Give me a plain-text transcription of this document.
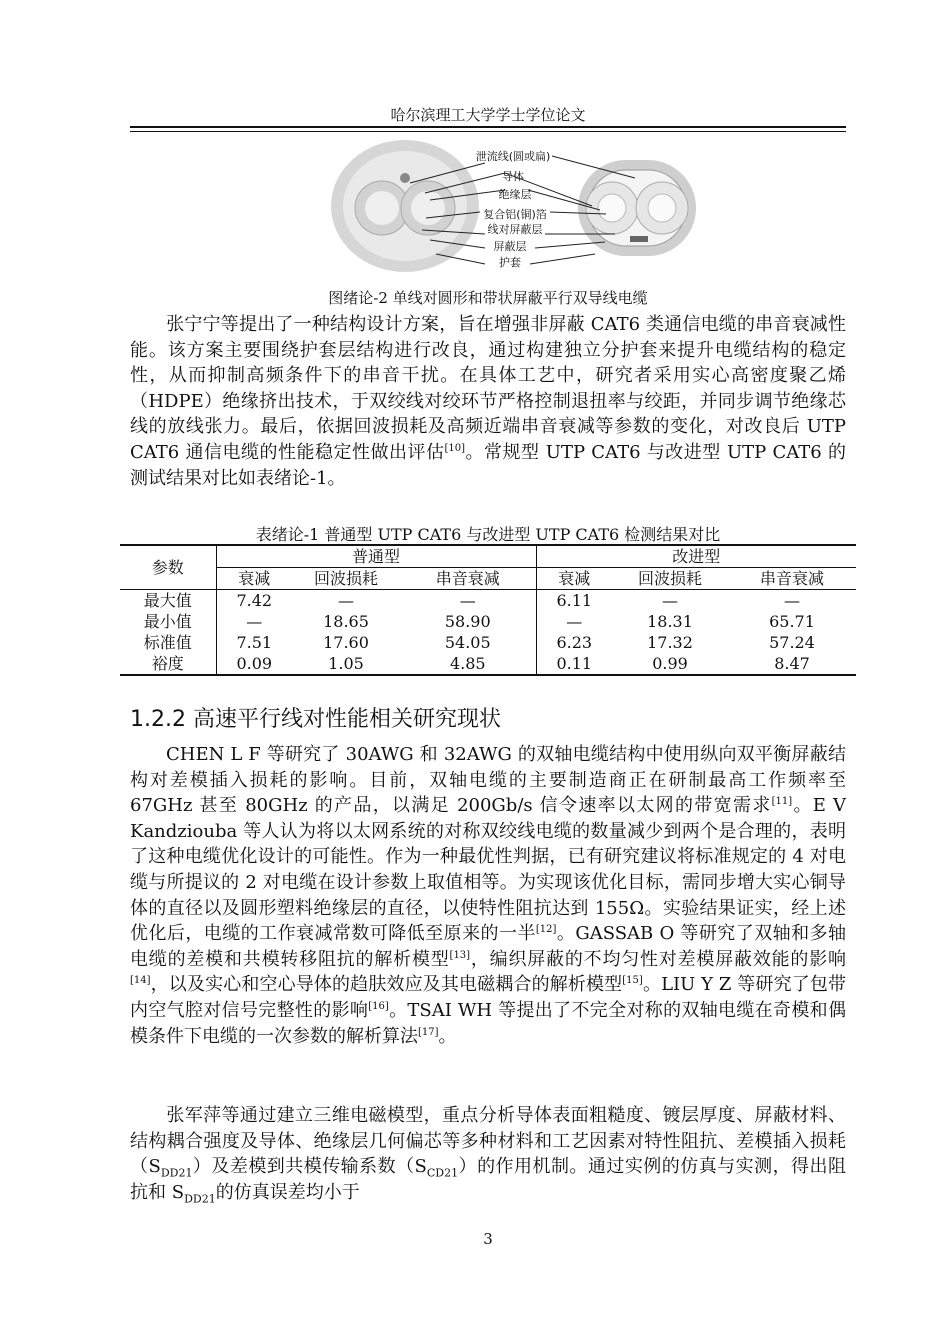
哈尔滨理工大学学士学位论文
泄流线(圆或扁)
导体
绝缘层
复合铝(铜)箔
线对屏蔽层
屏蔽层
护套
图绪论-2 单线对圆形和带状屏蔽平行双导线电缆

张宁宁等提出了一种结构设计方案，旨在增强非屏蔽 CAT6 类通信电缆的串音衰减性能。该方案主要围绕护套层结构进行改良，通过构建独立分护套来提升电缆结构的稳定性，从而抑制高频条件下的串音干扰。在具体工艺中，研究者采用实心高密度聚乙烯（HDPE）绝缘挤出技术，于双绞线对绞环节严格控制退扭率与绞距，并同步调节绝缘芯线的放线张力。最后，依据回波损耗及高频近端串音衰减等参数的变化，对改良后 UTP CAT6 通信电缆的性能稳定性做出评估[10]。常规型 UTP CAT6 与改进型 UTP CAT6 的测试结果对比如表绪论-1。

表绪论-1 普通型 UTP CAT6 与改进型 UTP CAT6 检测结果对比
参数	普通型			改进型		
	衰减	回波损耗	串音衰减	衰减	回波损耗	串音衰减
最大值	7.42	—	—	6.11	—	—
最小值	—	18.65	58.90	—	18.31	65.71
标准值	7.51	17.60	54.05	6.23	17.32	57.24
裕度	0.09	1.05	4.85	0.11	0.99	8.47
1.2.2 高速平行线对性能相关研究现状

CHEN L F 等研究了 30AWG 和 32AWG 的双轴电缆结构中使用纵向双平衡屏蔽结构对差模插入损耗的影响。目前，双轴电缆的主要制造商正在研制最高工作频率至 67GHz 甚至 80GHz 的产品，以满足 200Gb/s 信令速率以太网的带宽需求[11]。E V Kandziouba 等人认为将以太网系统的对称双绞线电缆的数量减少到两个是合理的，表明了这种电缆优化设计的可能性。作为一种最优性判据，已有研究建议将标准规定的 4 对电缆与所提议的 2 对电缆在设计参数上取值相等。为实现该优化目标，需同步增大实心铜导体的直径以及圆形塑料绝缘层的直径，以使特性阻抗达到 155Ω。实验结果证实，经上述优化后，电缆的工作衰减常数可降低至原来的一半[12]。GASSAB O 等研究了双轴和多轴电缆的差模和共模转移阻抗的解析模型[13]，编织屏蔽的不均匀性对差模屏蔽效能的影响[14]，以及实心和空心导体的趋肤效应及其电磁耦合的解析模型[15]。LIU Y Z 等研究了包带内空气腔对信号完整性的影响[16]。TSAI WH 等提出了不完全对称的双轴电缆在奇模和偶模条件下电缆的一次参数的解析算法[17]。

张军萍等通过建立三维电磁模型，重点分析导体表面粗糙度、镀层厚度、屏蔽材料、结构耦合强度及导体、绝缘层几何偏芯等多种材料和工艺因素对特性阻抗、差模插入损耗$(S_{DD21})$及差模到共模传输系数$(S_{CD21})$的作用机制。通过实例的仿真与实测，得出阻抗和 $S_{DD21}$的仿真误差均小于

3
